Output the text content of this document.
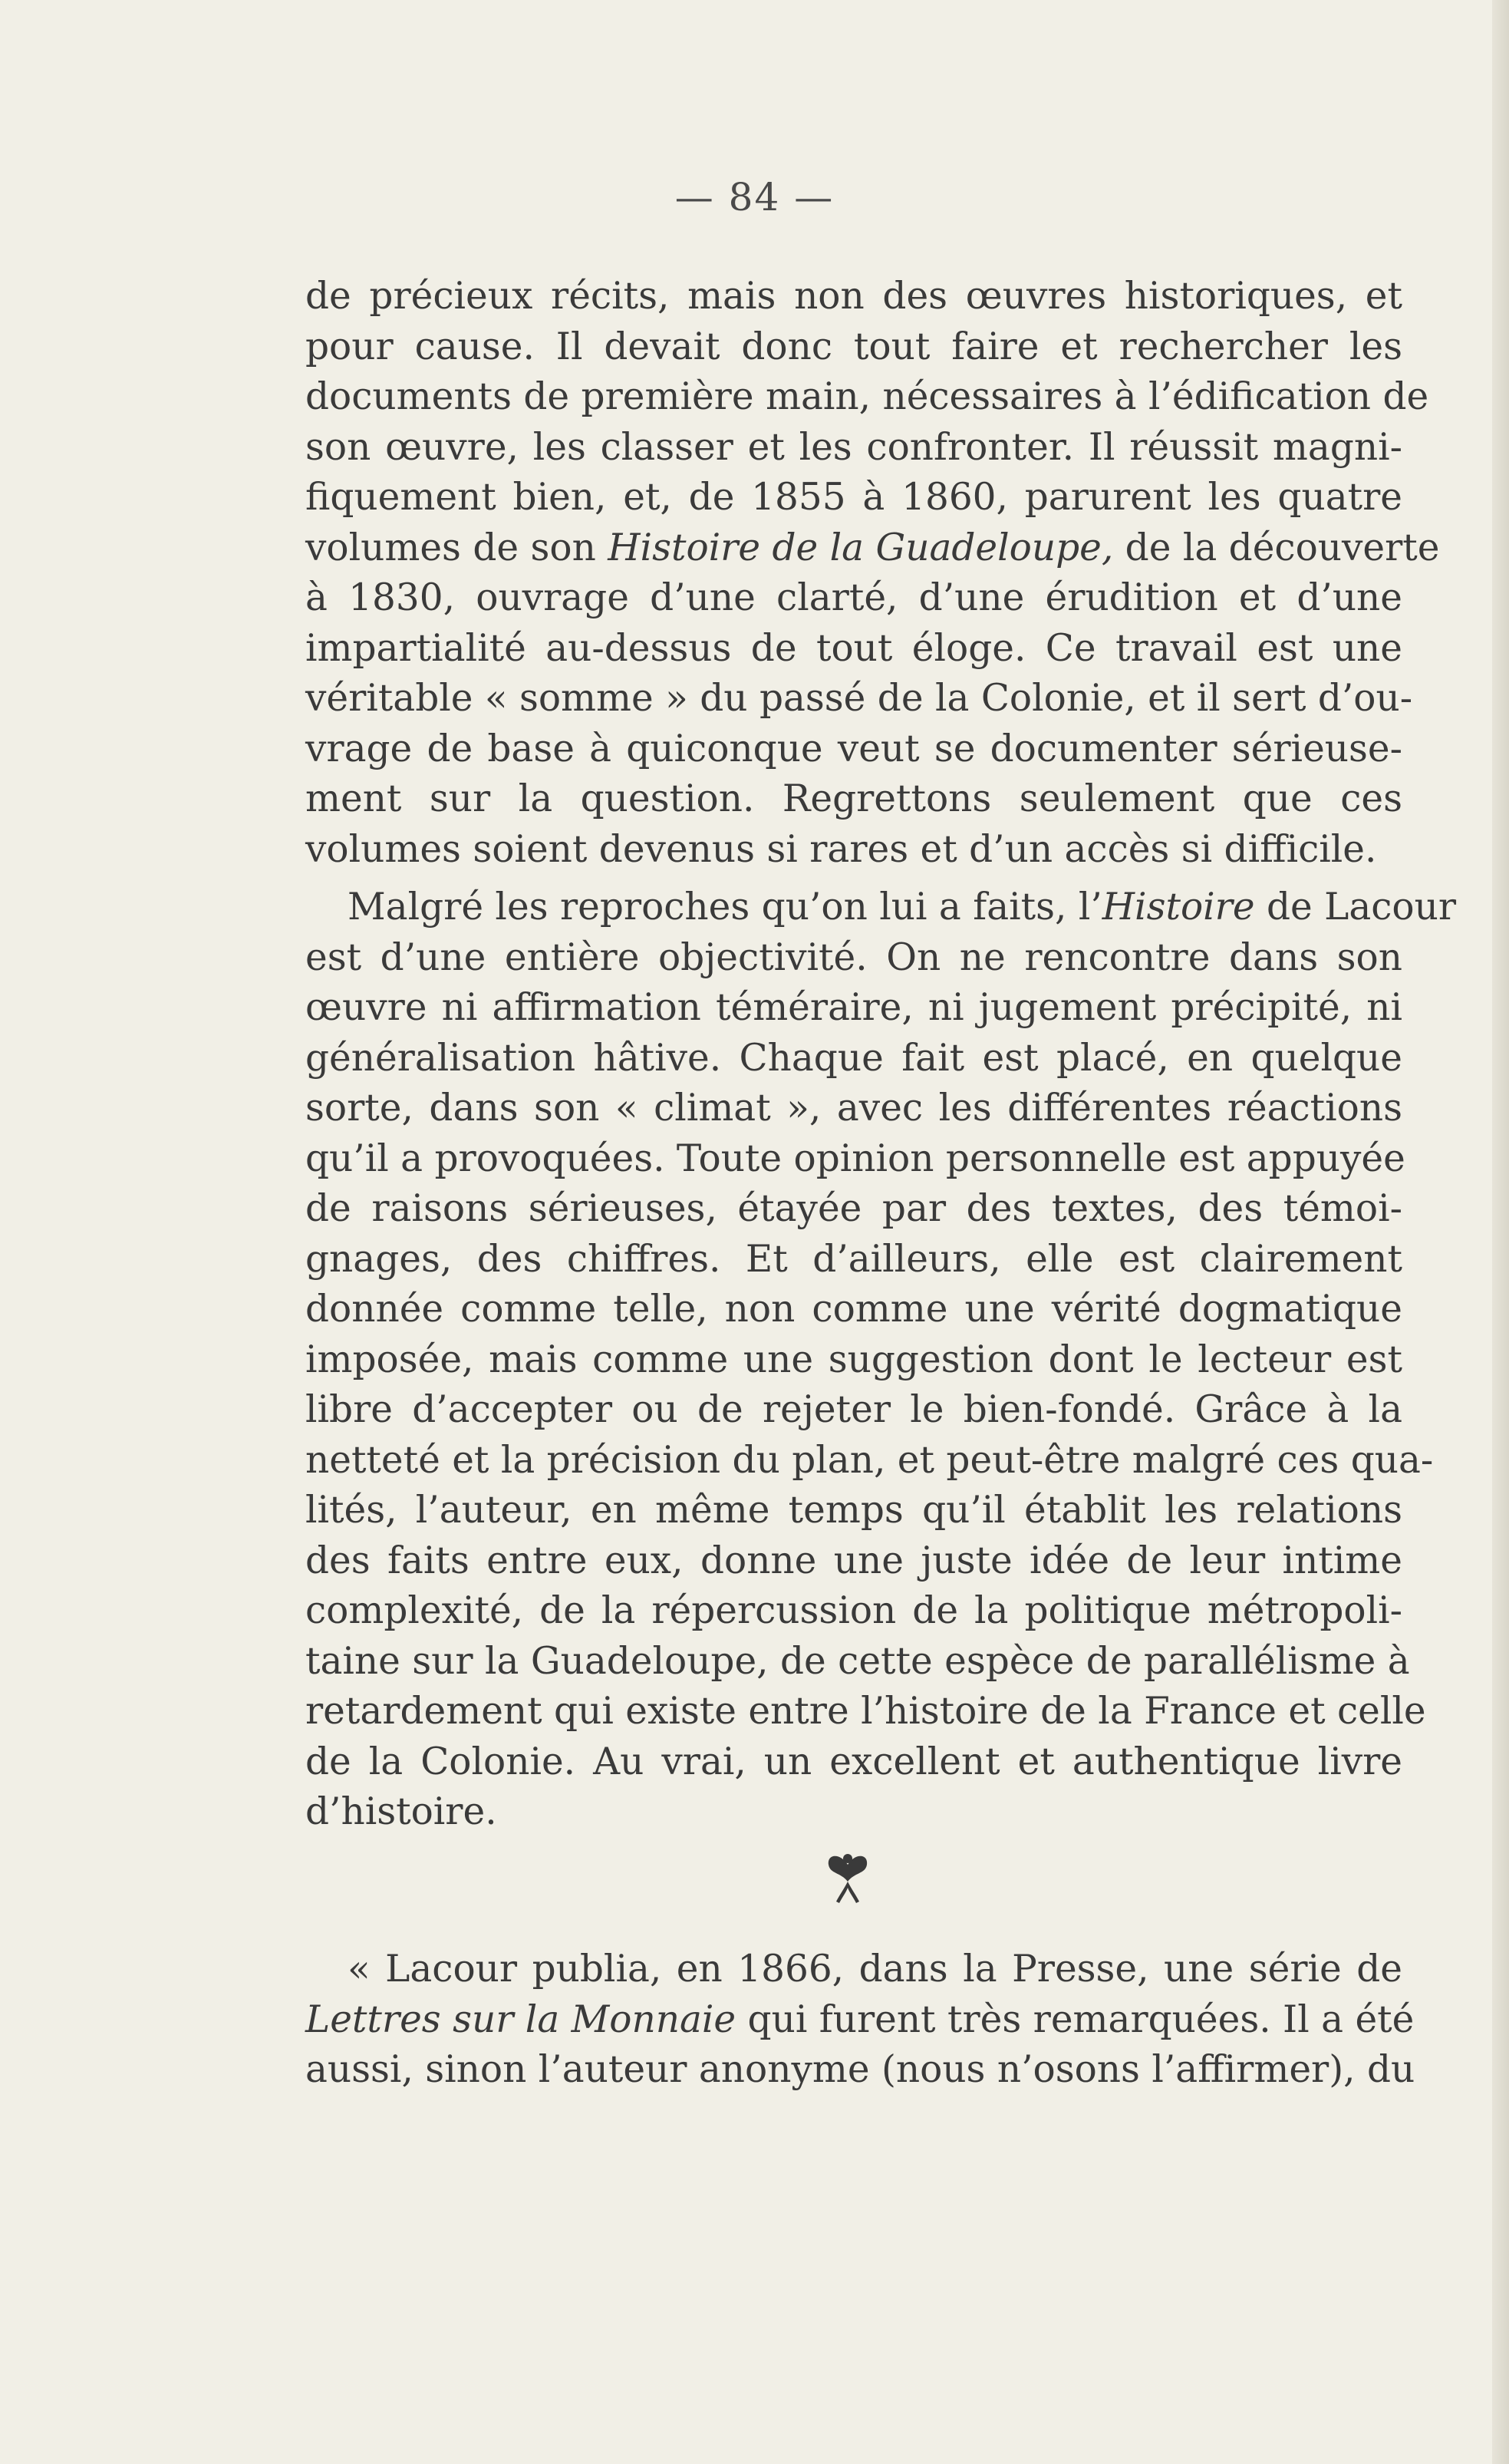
— 84 —
de précieux récits, mais non des œuvres historiques, et
pour cause. Il devait donc tout faire et rechercher les
documents de première main, nécessaires à l’édification de
son œuvre, les classer et les confronter. Il réussit magni-
fiquement bien, et, de 1855 à 1860, parurent les quatre
volumes de son Histoire de la Guadeloupe, de la découverte
à 1830, ouvrage d’une clarté, d’une érudition et d’une
impartialité au-dessus de tout éloge. Ce travail est une
véritable « somme » du passé de la Colonie, et il sert d’ou-
vrage de base à quiconque veut se documenter sérieuse-
ment sur la question. Regrettons seulement que ces
volumes soient devenus si rares et d’un accès si difficile.
Malgré les reproches qu’on lui a faits, l’Histoire de Lacour
est d’une entière objectivité. On ne rencontre dans son
œuvre ni affirmation téméraire, ni jugement précipité, ni
généralisation hâtive. Chaque fait est placé, en quelque
sorte, dans son « climat », avec les différentes réactions
qu’il a provoquées. Toute opinion personnelle est appuyée
de raisons sérieuses, étayée par des textes, des témoi-
gnages, des chiffres. Et d’ailleurs, elle est clairement
donnée comme telle, non comme une vérité dogmatique
imposée, mais comme une suggestion dont le lecteur est
libre d’accepter ou de rejeter le bien-fondé. Grâce à la
netteté et la précision du plan, et peut-être malgré ces qua-
lités, l’auteur, en même temps qu’il établit les relations
des faits entre eux, donne une juste idée de leur intime
complexité, de la répercussion de la politique métropoli-
taine sur la Guadeloupe, de cette espèce de parallélisme à
retardement qui existe entre l’histoire de la France et celle
de la Colonie. Au vrai, un excellent et authentique livre
d’histoire.
« Lacour publia, en 1866, dans la Presse, une série de
Lettres sur la Monnaie qui furent très remarquées. Il a été
aussi, sinon l’auteur anonyme (nous n’osons l’affirmer), du
